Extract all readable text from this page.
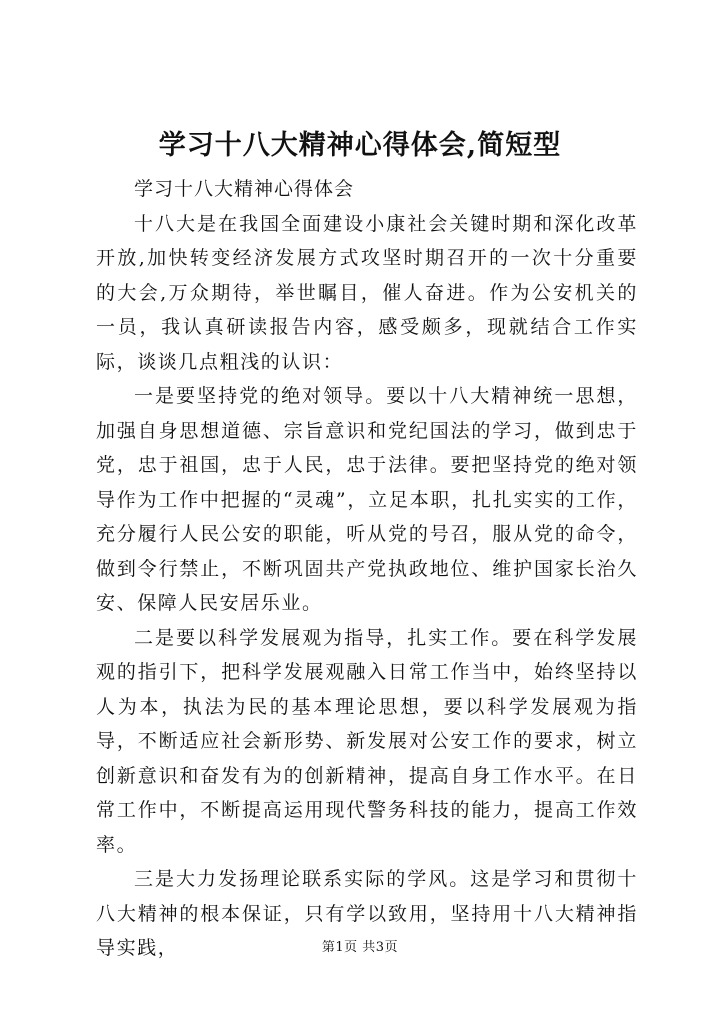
学习十八大精神心得体会,简短型

学习十八大精神心得体会

十八大是在我国全面建设小康社会关键时期和深化改革开放,加快转变经济发展方式攻坚时期召开的一次十分重要的大会,万众期待，举世瞩目，催人奋进。作为公安机关的一员，我认真研读报告内容，感受颇多，现就结合工作实际，谈谈几点粗浅的认识：

一是要坚持党的绝对领导。要以十八大精神统一思想，加强自身思想道德、宗旨意识和党纪国法的学习，做到忠于党，忠于祖国，忠于人民，忠于法律。要把坚持党的绝对领导作为工作中把握的“灵魂”，立足本职，扎扎实实的工作，充分履行人民公安的职能，听从党的号召，服从党的命令，做到令行禁止，不断巩固共产党执政地位、维护国家长治久安、保障人民安居乐业。

二是要以科学发展观为指导，扎实工作。要在科学发展观的指引下，把科学发展观融入日常工作当中，始终坚持以人为本，执法为民的基本理论思想，要以科学发展观为指导，不断适应社会新形势、新发展对公安工作的要求，树立创新意识和奋发有为的创新精神，提高自身工作水平。在日常工作中，不断提高运用现代警务科技的能力，提高工作效率。

三是大力发扬理论联系实际的学风。这是学习和贯彻十八大精神的根本保证，只有学以致用，坚持用十八大精神指导实践，	第1页 共3页
